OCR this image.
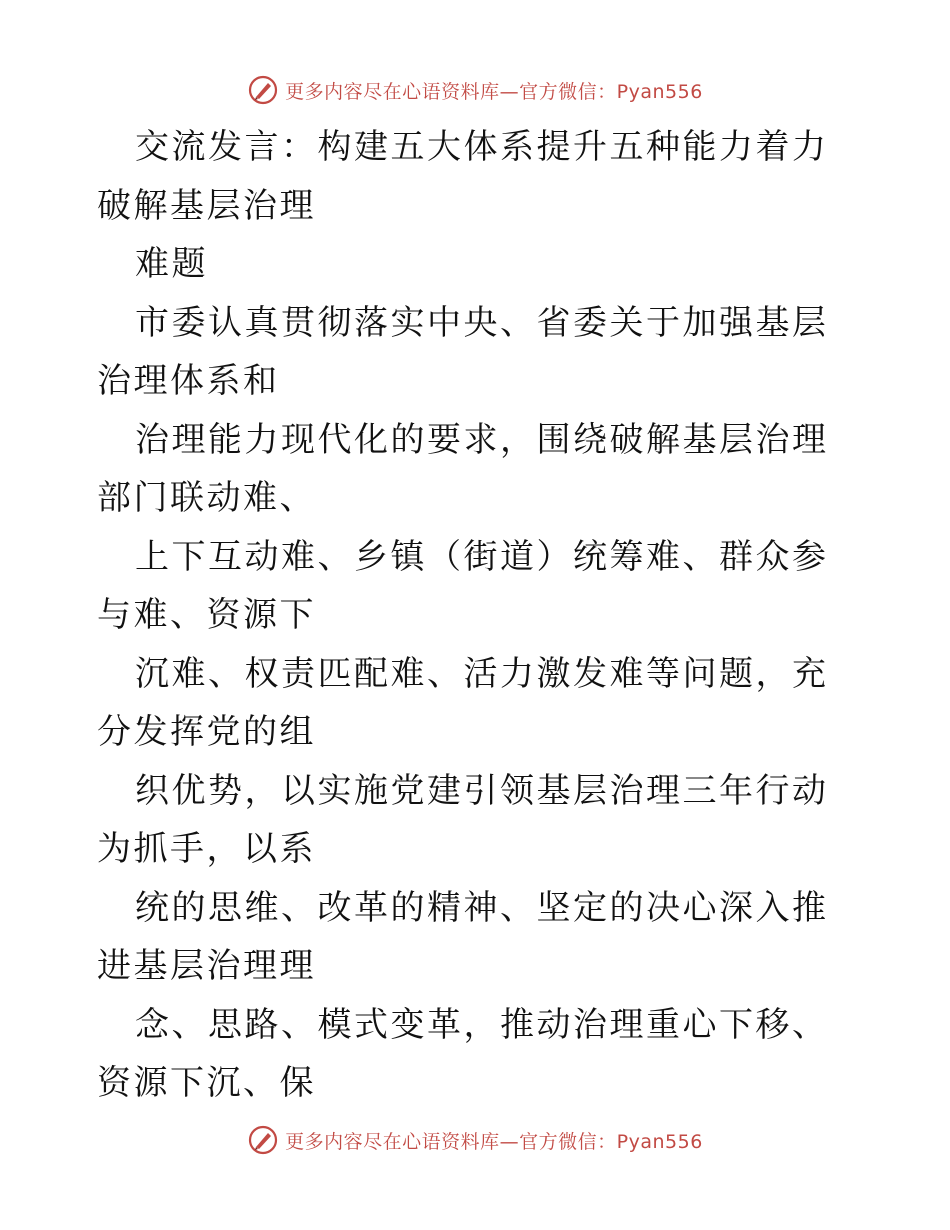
更多内容尽在心语资料库—官方微信：Pyan556

交流发言：构建五大体系提升五种能力着力破解基层治理

难题

市委认真贯彻落实中央、省委关于加强基层治理体系和

治理能力现代化的要求，围绕破解基层治理部门联动难、

上下互动难、乡镇（街道）统筹难、群众参与难、资源下

沉难、权责匹配难、活力激发难等问题，充分发挥党的组

织优势，以实施党建引领基层治理三年行动为抓手，以系

统的思维、改革的精神、坚定的决心深入推进基层治理理

念、思路、模式变革，推动治理重心下移、资源下沉、保

更多内容尽在心语资料库—官方微信：Pyan556
